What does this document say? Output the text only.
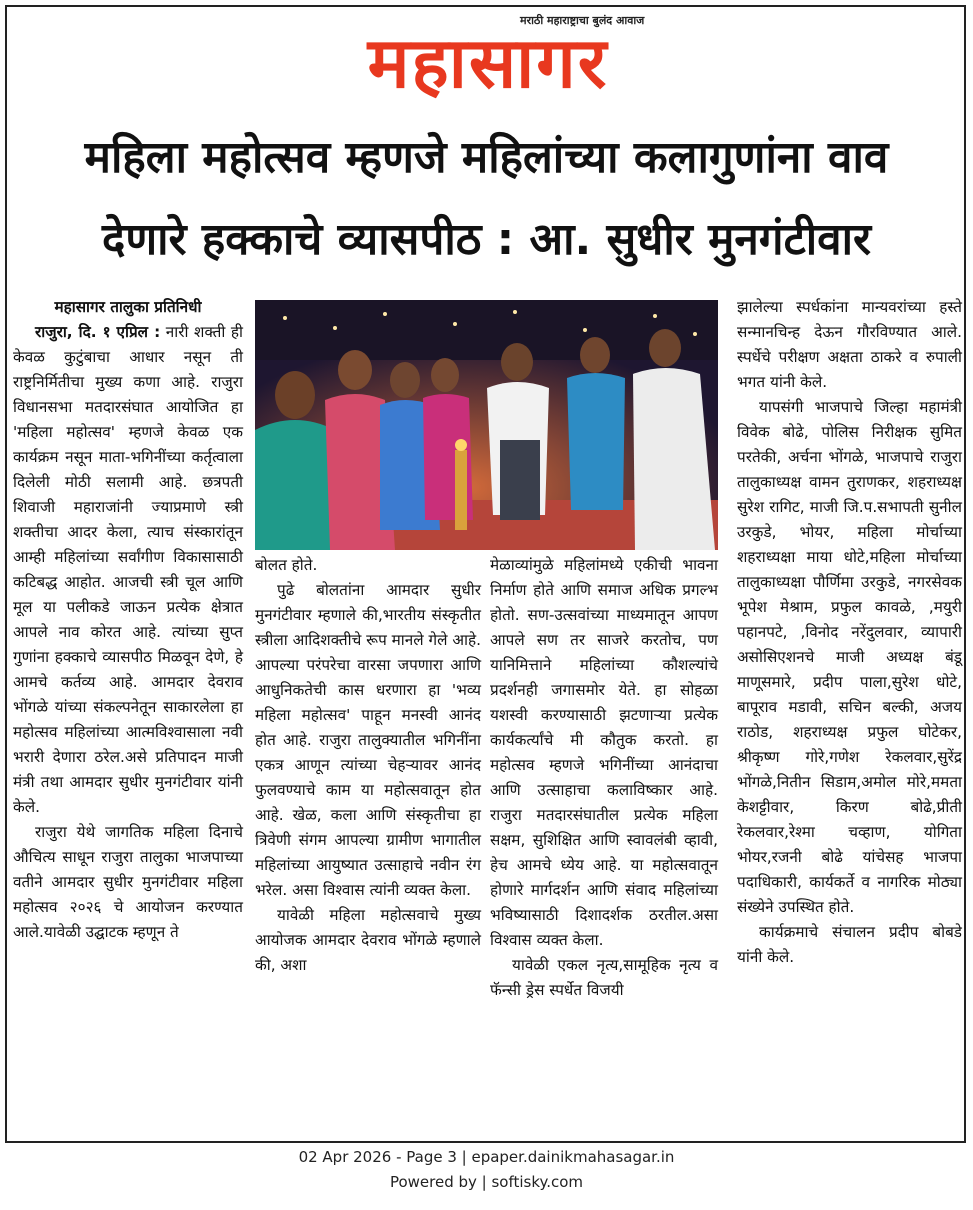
मराठी महाराष्ट्राचा बुलंद आवाज
महासागर
महिला महोत्सव म्हणजे महिलांच्या कलागुणांना वाव
देणारे हक्काचे व्यासपीठ : आ. सुधीर मुनगंटीवार

महासागर तालुका प्रतिनिधी

राजुरा, दि. १ एप्रिल : नारी शक्ती ही केवळ कुटुंबाचा आधार नसून ती राष्ट्रनिर्मितीचा मुख्य कणा आहे. राजुरा विधानसभा मतदारसंघात आयोजित हा 'महिला महोत्सव' म्हणजे केवळ एक कार्यक्रम नसून माता-भगिनींच्या कर्तृत्वाला दिलेली मोठी सलामी आहे. छत्रपती शिवाजी महाराजांनी ज्याप्रमाणे स्त्री शक्तीचा आदर केला, त्याच संस्कारांतून आम्ही महिलांच्या सर्वांगीण विकासासाठी कटिबद्ध आहोत. आजची स्त्री चूल आणि मूल या पलीकडे जाऊन प्रत्येक क्षेत्रात आपले नाव कोरत आहे. त्यांच्या सुप्त गुणांना हक्काचे व्यासपीठ मिळवून देणे, हे आमचे कर्तव्य आहे. आमदार देवराव भोंगळे यांच्या संकल्पनेतून साकारलेला हा महोत्सव महिलांच्या आत्मविश्वासाला नवी भरारी देणारा ठरेल.असे प्रतिपादन माजी मंत्री तथा आमदार सुधीर मुनगंटीवार यांनी केले.

राजुरा येथे जागतिक महिला दिनाचे औचित्य साधून राजुरा तालुका भाजपाच्या वतीने आमदार सुधीर मुनगंटीवार महिला महोत्सव २०२६ चे आयोजन करण्यात आले.यावेळी उद्घाटक म्हणून ते

बोलत होते.

पुढे बोलतांना आमदार सुधीर मुनगंटीवार म्हणाले की,भारतीय संस्कृतीत स्त्रीला आदिशक्तीचे रूप मानले गेले आहे. आपल्या परंपरेचा वारसा जपणारा आणि आधुनिकतेची कास धरणारा हा 'भव्य महिला महोत्सव' पाहून मनस्वी आनंद होत आहे. राजुरा तालुक्यातील भगिनींना एकत्र आणून त्यांच्या चेहऱ्यावर आनंद फुलवण्याचे काम या महोत्सवातून होत आहे. खेळ, कला आणि संस्कृतीचा हा त्रिवेणी संगम आपल्या ग्रामीण भागातील महिलांच्या आयुष्यात उत्साहाचे नवीन रंग भरेल. असा विश्वास त्यांनी व्यक्त केला.

यावेळी महिला महोत्सवाचे मुख्य आयोजक आमदार देवराव भोंगळे म्हणाले की, अशा

मेळाव्यांमुळे महिलांमध्ये एकीची भावना निर्माण होते आणि समाज अधिक प्रगल्भ होतो. सण-उत्सवांच्या माध्यमातून आपण आपले सण तर साजरे करतोच, पण यानिमित्ताने महिलांच्या कौशल्यांचे प्रदर्शनही जगासमोर येते. हा सोहळा यशस्वी करण्यासाठी झटणाऱ्या प्रत्येक कार्यकर्त्यांचे मी कौतुक करतो. हा महोत्सव म्हणजे भगिनींच्या आनंदाचा आणि उत्साहाचा कलाविष्कार आहे. राजुरा मतदारसंघातील प्रत्येक महिला सक्षम, सुशिक्षित आणि स्वावलंबी व्हावी, हेच आमचे ध्येय आहे. या महोत्सवातून होणारे मार्गदर्शन आणि संवाद महिलांच्या भविष्यासाठी दिशादर्शक ठरतील.असा विश्वास व्यक्त केला.

यावेळी एकल नृत्य,सामूहिक नृत्य व फॅन्सी ड्रेस स्पर्धेत विजयी

झालेल्या स्पर्धकांना मान्यवरांच्या हस्ते सन्मानचिन्ह देऊन गौरविण्यात आले. स्पर्धेचे परीक्षण अक्षता ठाकरे व रुपाली भगत यांनी केले.

यापसंगी भाजपाचे जिल्हा महामंत्री विवेक बोढे, पोलिस निरीक्षक सुमित परतेकी, अर्चना भोंगळे, भाजपाचे राजुरा तालुकाध्यक्ष वामन तुराणकर, शहराध्यक्ष सुरेश रागिट, माजी जि.प.सभापती सुनील उरकुडे, भोयर, महिला मोर्चाच्या शहराध्यक्षा माया धोटे,महिला मोर्चाच्या तालुकाध्यक्षा पौर्णिमा उरकुडे, नगरसेवक भूपेश मेश्राम, प्रफुल कावळे, ,मयुरी पहानपटे, ,विनोद नरेंदुलवार, व्यापारी असोसिएशनचे माजी अध्यक्ष बंडू माणूसमारे, प्रदीप पाला,सुरेश धोटे, बापूराव मडावी, सचिन बल्की, अजय राठोड, शहराध्यक्ष प्रफुल घोटेकर, श्रीकृष्ण गोरे,गणेश रेकलवार,सुरेंद्र भोंगळे,नितीन सिडाम,अमोल मोरे,ममता केशट्टीवार, किरण बोढे,प्रीती रेकलवार,रेश्मा चव्हाण, योगिता भोयर,रजनी बोढे यांचेसह भाजपा पदाधिकारी, कार्यकर्ते व नागरिक मोठ्या संख्येने उपस्थित होते.

कार्यक्रमाचे संचालन प्रदीप बोबडे यांनी केले.

02 Apr 2026 - Page 3 | epaper.dainikmahasagar.in
Powered by | softisky.com
